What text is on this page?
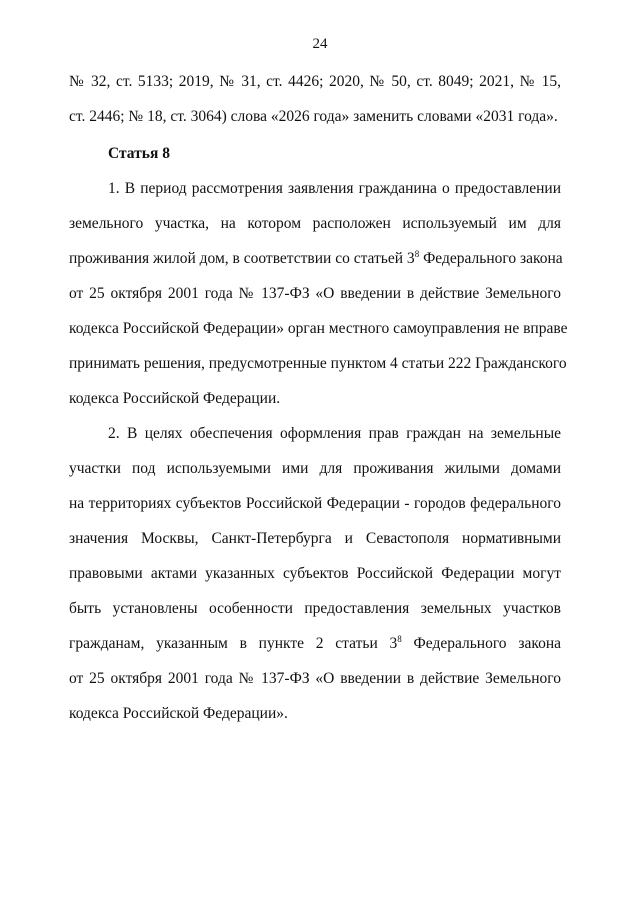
24
№ 32, ст. 5133; 2019, № 31, ст. 4426; 2020, № 50, ст. 8049; 2021, № 15,
ст. 2446; № 18, ст. 3064) слова «2026 года» заменить словами «2031 года».
Статья 8
1. В период рассмотрения заявления гражданина о предоставлении
земельного участка, на котором расположен используемый им для
проживания жилой дом, в соответствии со статьей $3^8$ Федерального закона
от 25 октября 2001 года № 137-ФЗ «О введении в действие Земельного
кодекса Российской Федерации» орган местного самоуправления не вправе
принимать решения, предусмотренные пунктом 4 статьи 222 Гражданского
кодекса Российской Федерации.
2. В целях обеспечения оформления прав граждан на земельные
участки под используемыми ими для проживания жилыми домами
на территориях субъектов Российской Федерации - городов федерального
значения Москвы, Санкт-Петербурга и Севастополя нормативными
правовыми актами указанных субъектов Российской Федерации могут
быть установлены особенности предоставления земельных участков
гражданам, указанным в пункте 2 статьи $3^8$ Федерального закона
от 25 октября 2001 года № 137-ФЗ «О введении в действие Земельного
кодекса Российской Федерации».
